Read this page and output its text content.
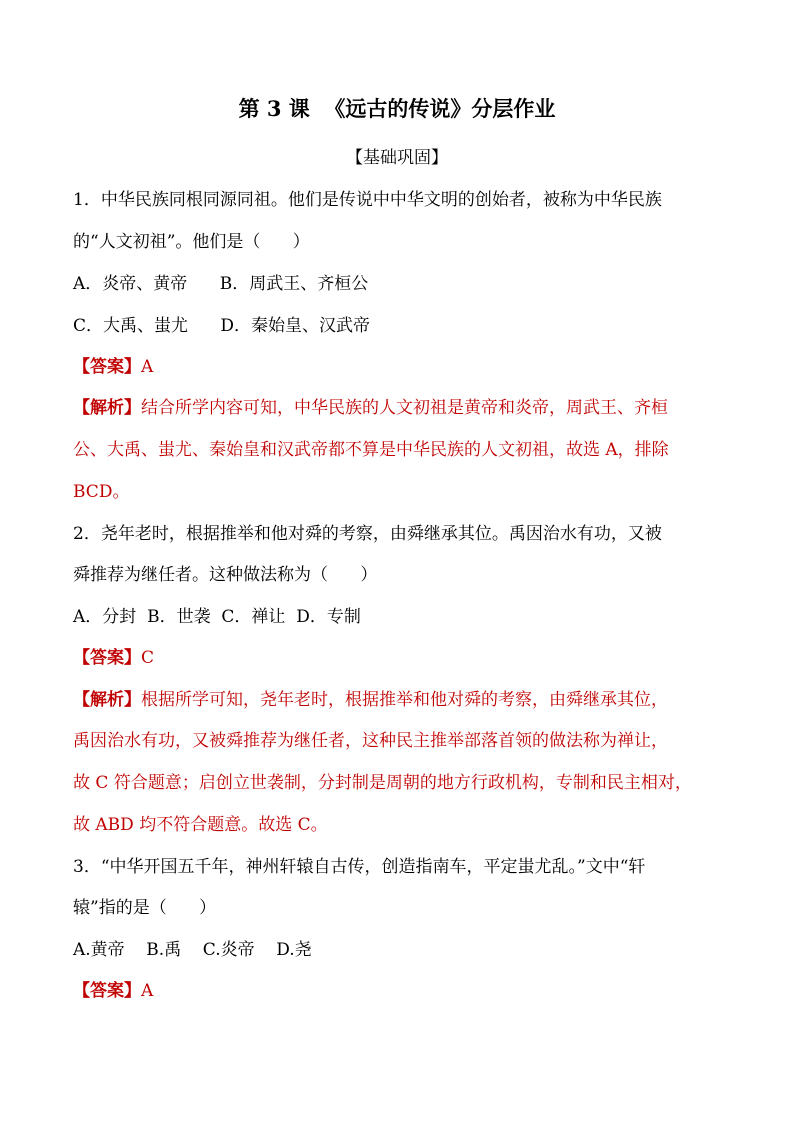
第 3 课  《远古的传说》分层作业
【基础巩固】
1．中华民族同根同源同祖。他们是传说中中华文明的创始者，被称为中华民族
的“人文初祖”。他们是（      ）
A．炎帝、黄帝      B．周武王、齐桓公
C．大禹、蚩尤      D．秦始皇、汉武帝
【答案】A
【解析】结合所学内容可知，中华民族的人文初祖是黄帝和炎帝，周武王、齐桓
公、大禹、蚩尤、秦始皇和汉武帝都不算是中华民族的人文初祖，故选 A，排除
BCD。
2．尧年老时，根据推举和他对舜的考察，由舜继承其位。禹因治水有功，又被
舜推荐为继任者。这种做法称为（      ）
A．分封  B．世袭  C．禅让  D．专制
【答案】C
【解析】根据所学可知，尧年老时，根据推举和他对舜的考察，由舜继承其位，
禹因治水有功，又被舜推荐为继任者，这种民主推举部落首领的做法称为禅让，
故 C 符合题意；启创立世袭制，分封制是周朝的地方行政机构，专制和民主相对，
故 ABD 均不符合题意。故选 C。
3．“中华开国五千年，神州轩辕自古传，创造指南车，平定蚩尤乱。”文中“轩
辕”指的是（      ）
A.黄帝    B.禹    C.炎帝    D.尧
【答案】A
